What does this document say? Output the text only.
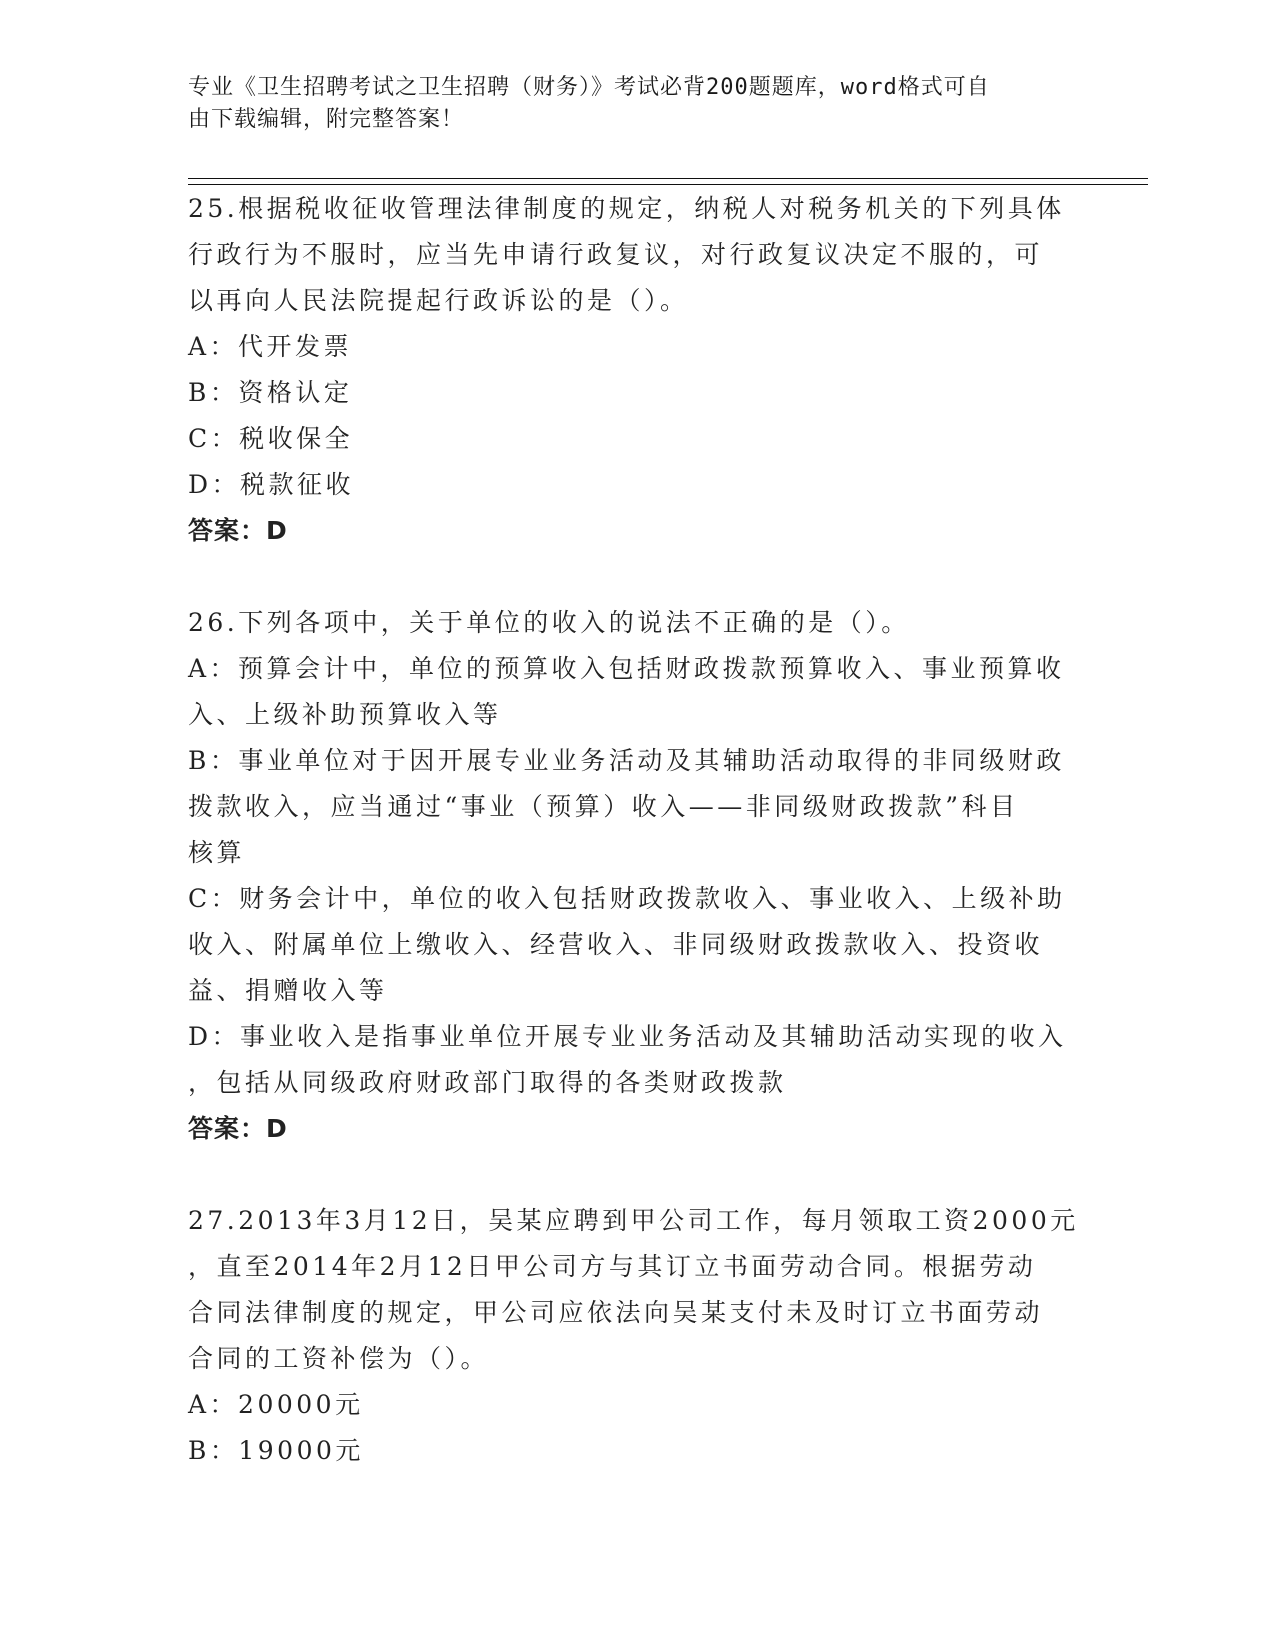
专业《卫生招聘考试之卫生招聘（财务）》考试必背200题题库，word格式可自
由下载编辑，附完整答案！

25.根据税收征收管理法律制度的规定，纳税人对税务机关的下列具体

行政行为不服时，应当先申请行政复议，对行政复议决定不服的，可

以再向人民法院提起行政诉讼的是（）。

A：代开发票

B：资格认定

C：税收保全

D：税款征收

答案：D

26.下列各项中，关于单位的收入的说法不正确的是（）。

A：预算会计中，单位的预算收入包括财政拨款预算收入、事业预算收

入、上级补助预算收入等

B：事业单位对于因开展专业业务活动及其辅助活动取得的非同级财政

拨款收入，应当通过“事业（预算）收入——非同级财政拨款”科目

核算

C：财务会计中，单位的收入包括财政拨款收入、事业收入、上级补助

收入、附属单位上缴收入、经营收入、非同级财政拨款收入、投资收

益、捐赠收入等

D：事业收入是指事业单位开展专业业务活动及其辅助活动实现的收入

，包括从同级政府财政部门取得的各类财政拨款

答案：D

27.2013年3月12日，吴某应聘到甲公司工作，每月领取工资2000元

，直至2014年2月12日甲公司方与其订立书面劳动合同。根据劳动

合同法律制度的规定，甲公司应依法向吴某支付未及时订立书面劳动

合同的工资补偿为（）。

A：20000元

B：19000元
